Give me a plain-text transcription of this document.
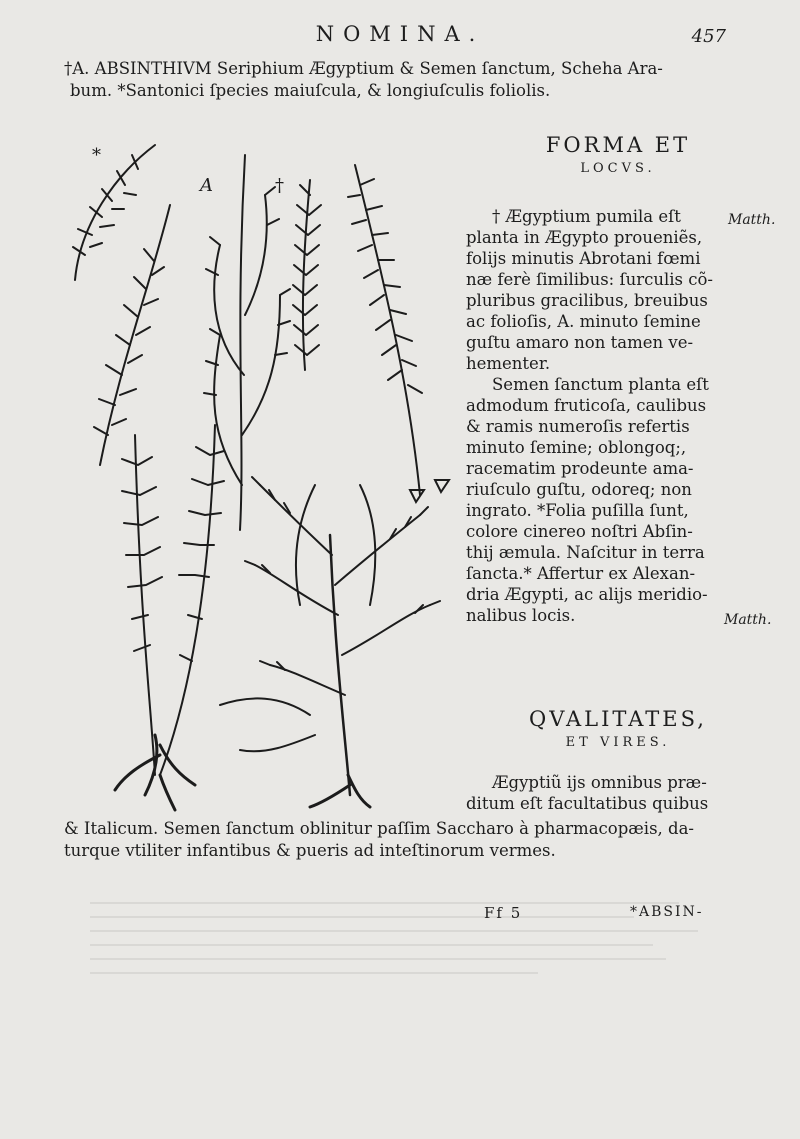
NOMINA.	457

†A. ABSINTHIVM Seriphium Ægyptium & Semen ſanctum, Scheha Ara-

bum. *Santonici ſpecies maiuſcula, & longiuſculis foliolis.

*
A	†
FORMA ET
LOCVS.

† Ægyptium pumila eſt

planta in Ægypto proueniẽs,

folijs minutis Abrotani fœmi

næ ferè ſimilibus: ſurculis cõ-

pluribus gracilibus, breuibus

ac folioſis, A. minuto ſemine

guſtu amaro non tamen ve-

hementer.

Semen ſanctum planta eſt

admodum fruticoſa, caulibus

& ramis numeroſis refertis

minuto ſemine; oblongoq;,

racematim prodeunte ama-

riuſculo guſtu, odoreq; non

ingrato. *Folia puſilla ſunt,

colore cinereo noſtri Abſin-

thij æmula. Naſcitur in terra

ſancta.* Affertur ex Alexan-

dria Ægypti, ac alijs meridio-

nalibus locis.

Matth.
Matth.
QVALITATES,
ET VIRES.

Ægyptiũ ijs omnibus præ-

ditum eſt facultatibus quibus

& Italicum. Semen ſanctum oblinitur paſſim Saccharo à pharmacopæis, da-

turque vtiliter infantibus & pueris ad inteſtinorum vermes.

Ff 5	*ABSIN-
